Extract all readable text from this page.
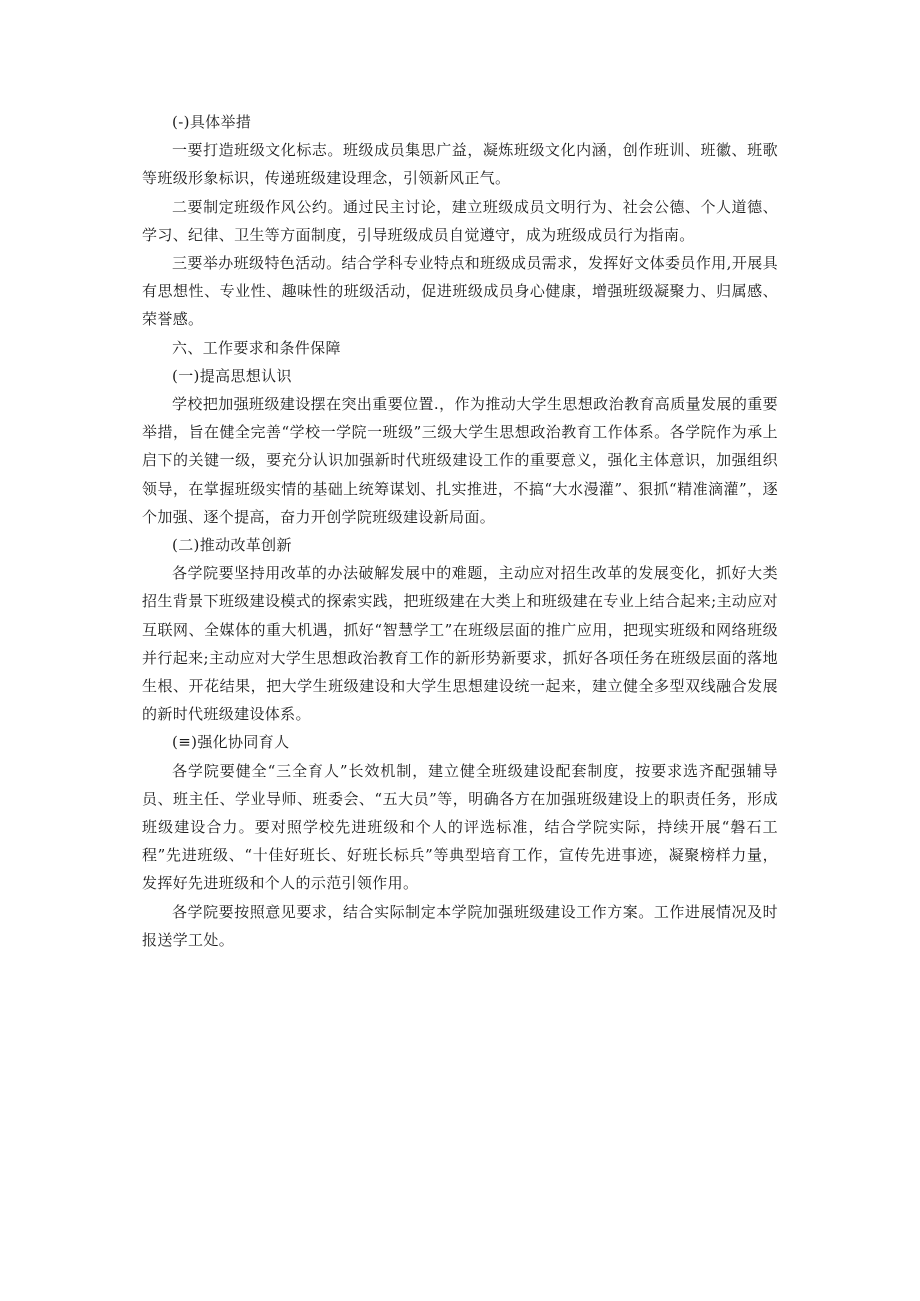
(-)具体举措

一要打造班级文化标志。班级成员集思广益，凝炼班级文化内涵，创作班训、班徽、班歌等班级形象标识，传递班级建设理念，引领新风正气。

二要制定班级作风公约。通过民主讨论，建立班级成员文明行为、社会公德、个人道德、学习、纪律、卫生等方面制度，引导班级成员自觉遵守，成为班级成员行为指南。

三要举办班级特色活动。结合学科专业特点和班级成员需求，发挥好文体委员作用,开展具有思想性、专业性、趣味性的班级活动，促进班级成员身心健康，增强班级凝聚力、归属感、荣誉感。

六、工作要求和条件保障

(一)提高思想认识

学校把加强班级建设摆在突出重要位置.，作为推动大学生思想政治教育高质量发展的重要举措，旨在健全完善“学校一学院一班级”三级大学生思想政治教育工作体系。各学院作为承上启下的关键一级，要充分认识加强新时代班级建设工作的重要意义，强化主体意识，加强组织领导，在掌握班级实情的基础上统筹谋划、扎实推进，不搞“大水漫灌”、狠抓“精准滴灌”，逐个加强、逐个提高，奋力开创学院班级建设新局面。

(二)推动改革创新

各学院要坚持用改革的办法破解发展中的难题，主动应对招生改革的发展变化，抓好大类招生背景下班级建设模式的探索实践，把班级建在大类上和班级建在专业上结合起来;主动应对互联网、全媒体的重大机遇，抓好“智慧学工”在班级层面的推广应用，把现实班级和网络班级并行起来;主动应对大学生思想政治教育工作的新形势新要求，抓好各项任务在班级层面的落地生根、开花结果，把大学生班级建设和大学生思想建设统一起来，建立健全多型双线融合发展的新时代班级建设体系。

(≡)强化协同育人

各学院要健全“三全育人”长效机制，建立健全班级建设配套制度，按要求选齐配强辅导员、班主任、学业导师、班委会、“五大员”等，明确各方在加强班级建设上的职责任务，形成班级建设合力。要对照学校先进班级和个人的评选标准，结合学院实际，持续开展“磐石工程”先进班级、“十佳好班长、好班长标兵”等典型培育工作，宣传先进事迹，凝聚榜样力量，发挥好先进班级和个人的示范引领作用。

各学院要按照意见要求，结合实际制定本学院加强班级建设工作方案。工作进展情况及时报送学工处。
